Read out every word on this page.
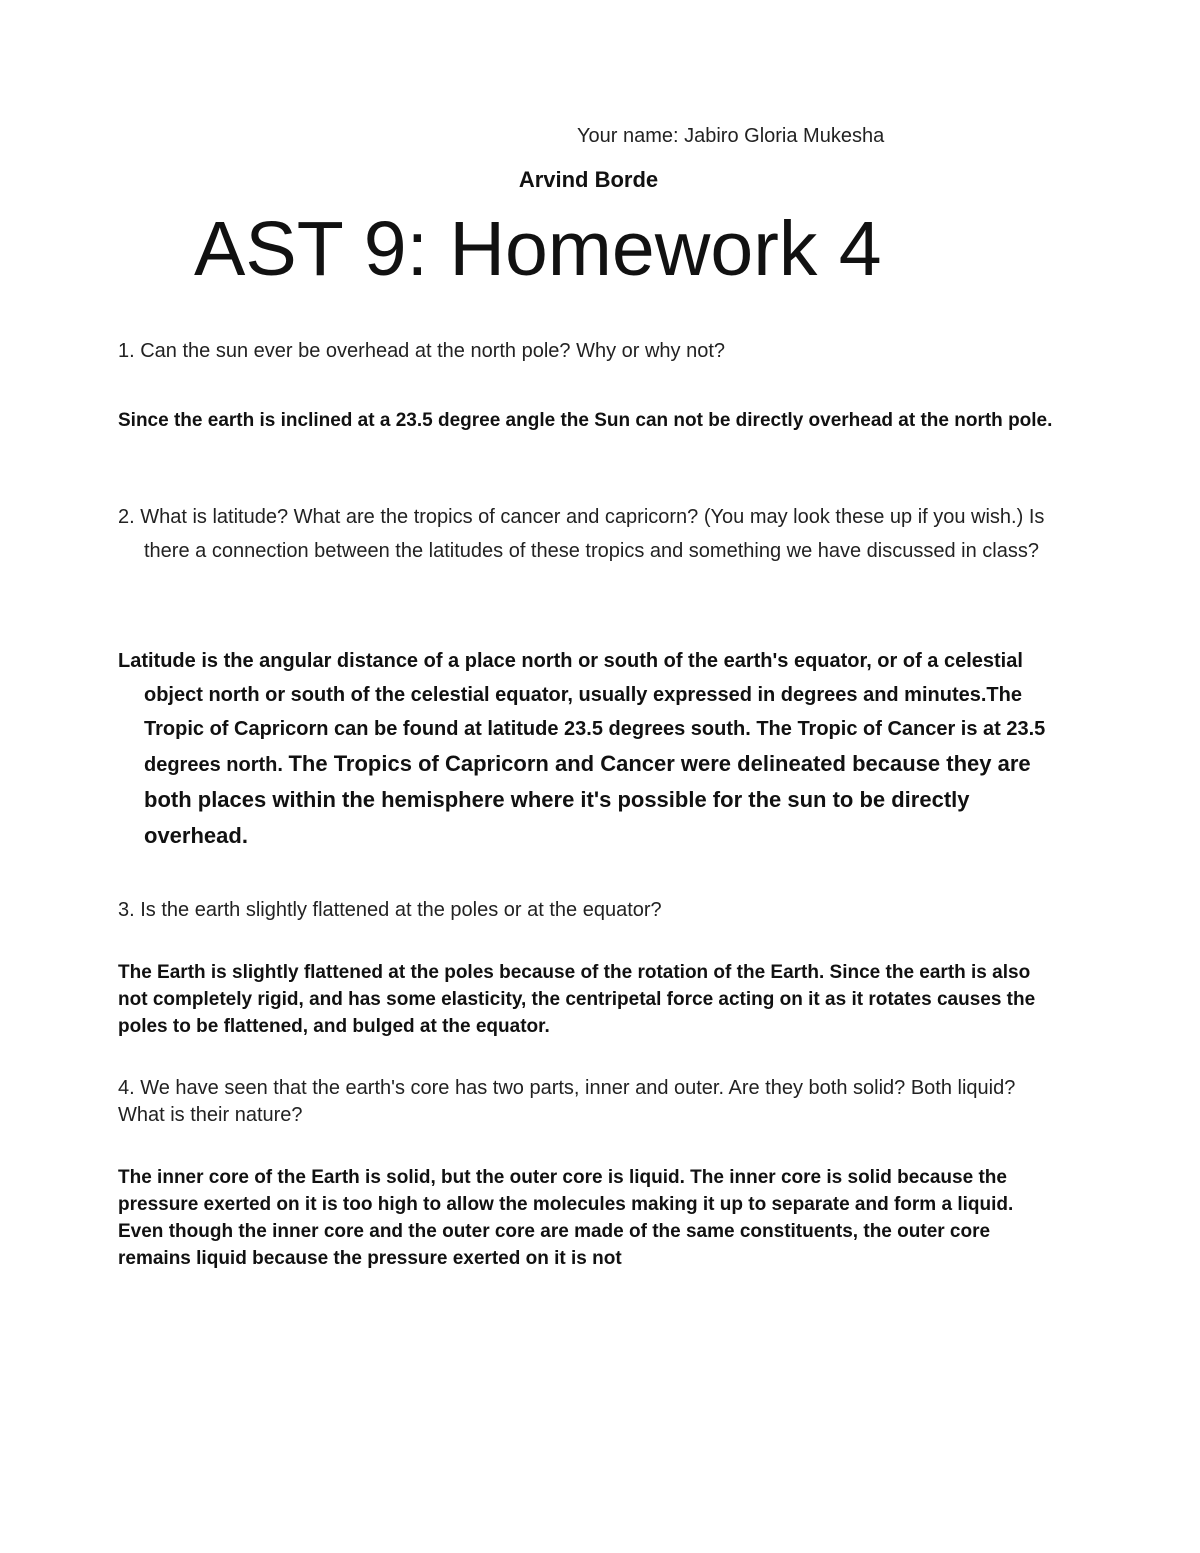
Your name: Jabiro Gloria Mukesha
Arvind Borde
AST 9: Homework 4
1. Can the sun ever be overhead at the north pole? Why or why not?
Since the earth is inclined at a 23.5 degree angle the Sun can not be directly overhead at the north pole.
2. What is latitude? What are the tropics of cancer and capricorn? (You may look these up if you wish.) Is there a connection between the latitudes of these tropics and something we have discussed in class?
Latitude is the angular distance of a place north or south of the earth's equator, or of a celestial object north or south of the celestial equator, usually expressed in degrees and minutes.The Tropic of Capricorn can be found at latitude 23.5 degrees south. The Tropic of Cancer is at 23.5 degrees north. The Tropics of Capricorn and Cancer were delineated because they are both places within the hemisphere where it's possible for the sun to be directly overhead.
3. Is the earth slightly flattened at the poles or at the equator?
The Earth is slightly flattened at the poles because of the rotation of the Earth. Since the earth is also not completely rigid, and has some elasticity, the centripetal force acting on it as it rotates causes the poles to be flattened, and bulged at the equator.
4. We have seen that the earth's core has two parts, inner and outer. Are they both solid? Both liquid? What is their nature?
The inner core of the Earth is solid, but the outer core is liquid. The inner core is solid because the pressure exerted on it is too high to allow the molecules making it up to separate and form a liquid. Even though the inner core and the outer core are made of the same constituents, the outer core remains liquid because the pressure exerted on it is not
